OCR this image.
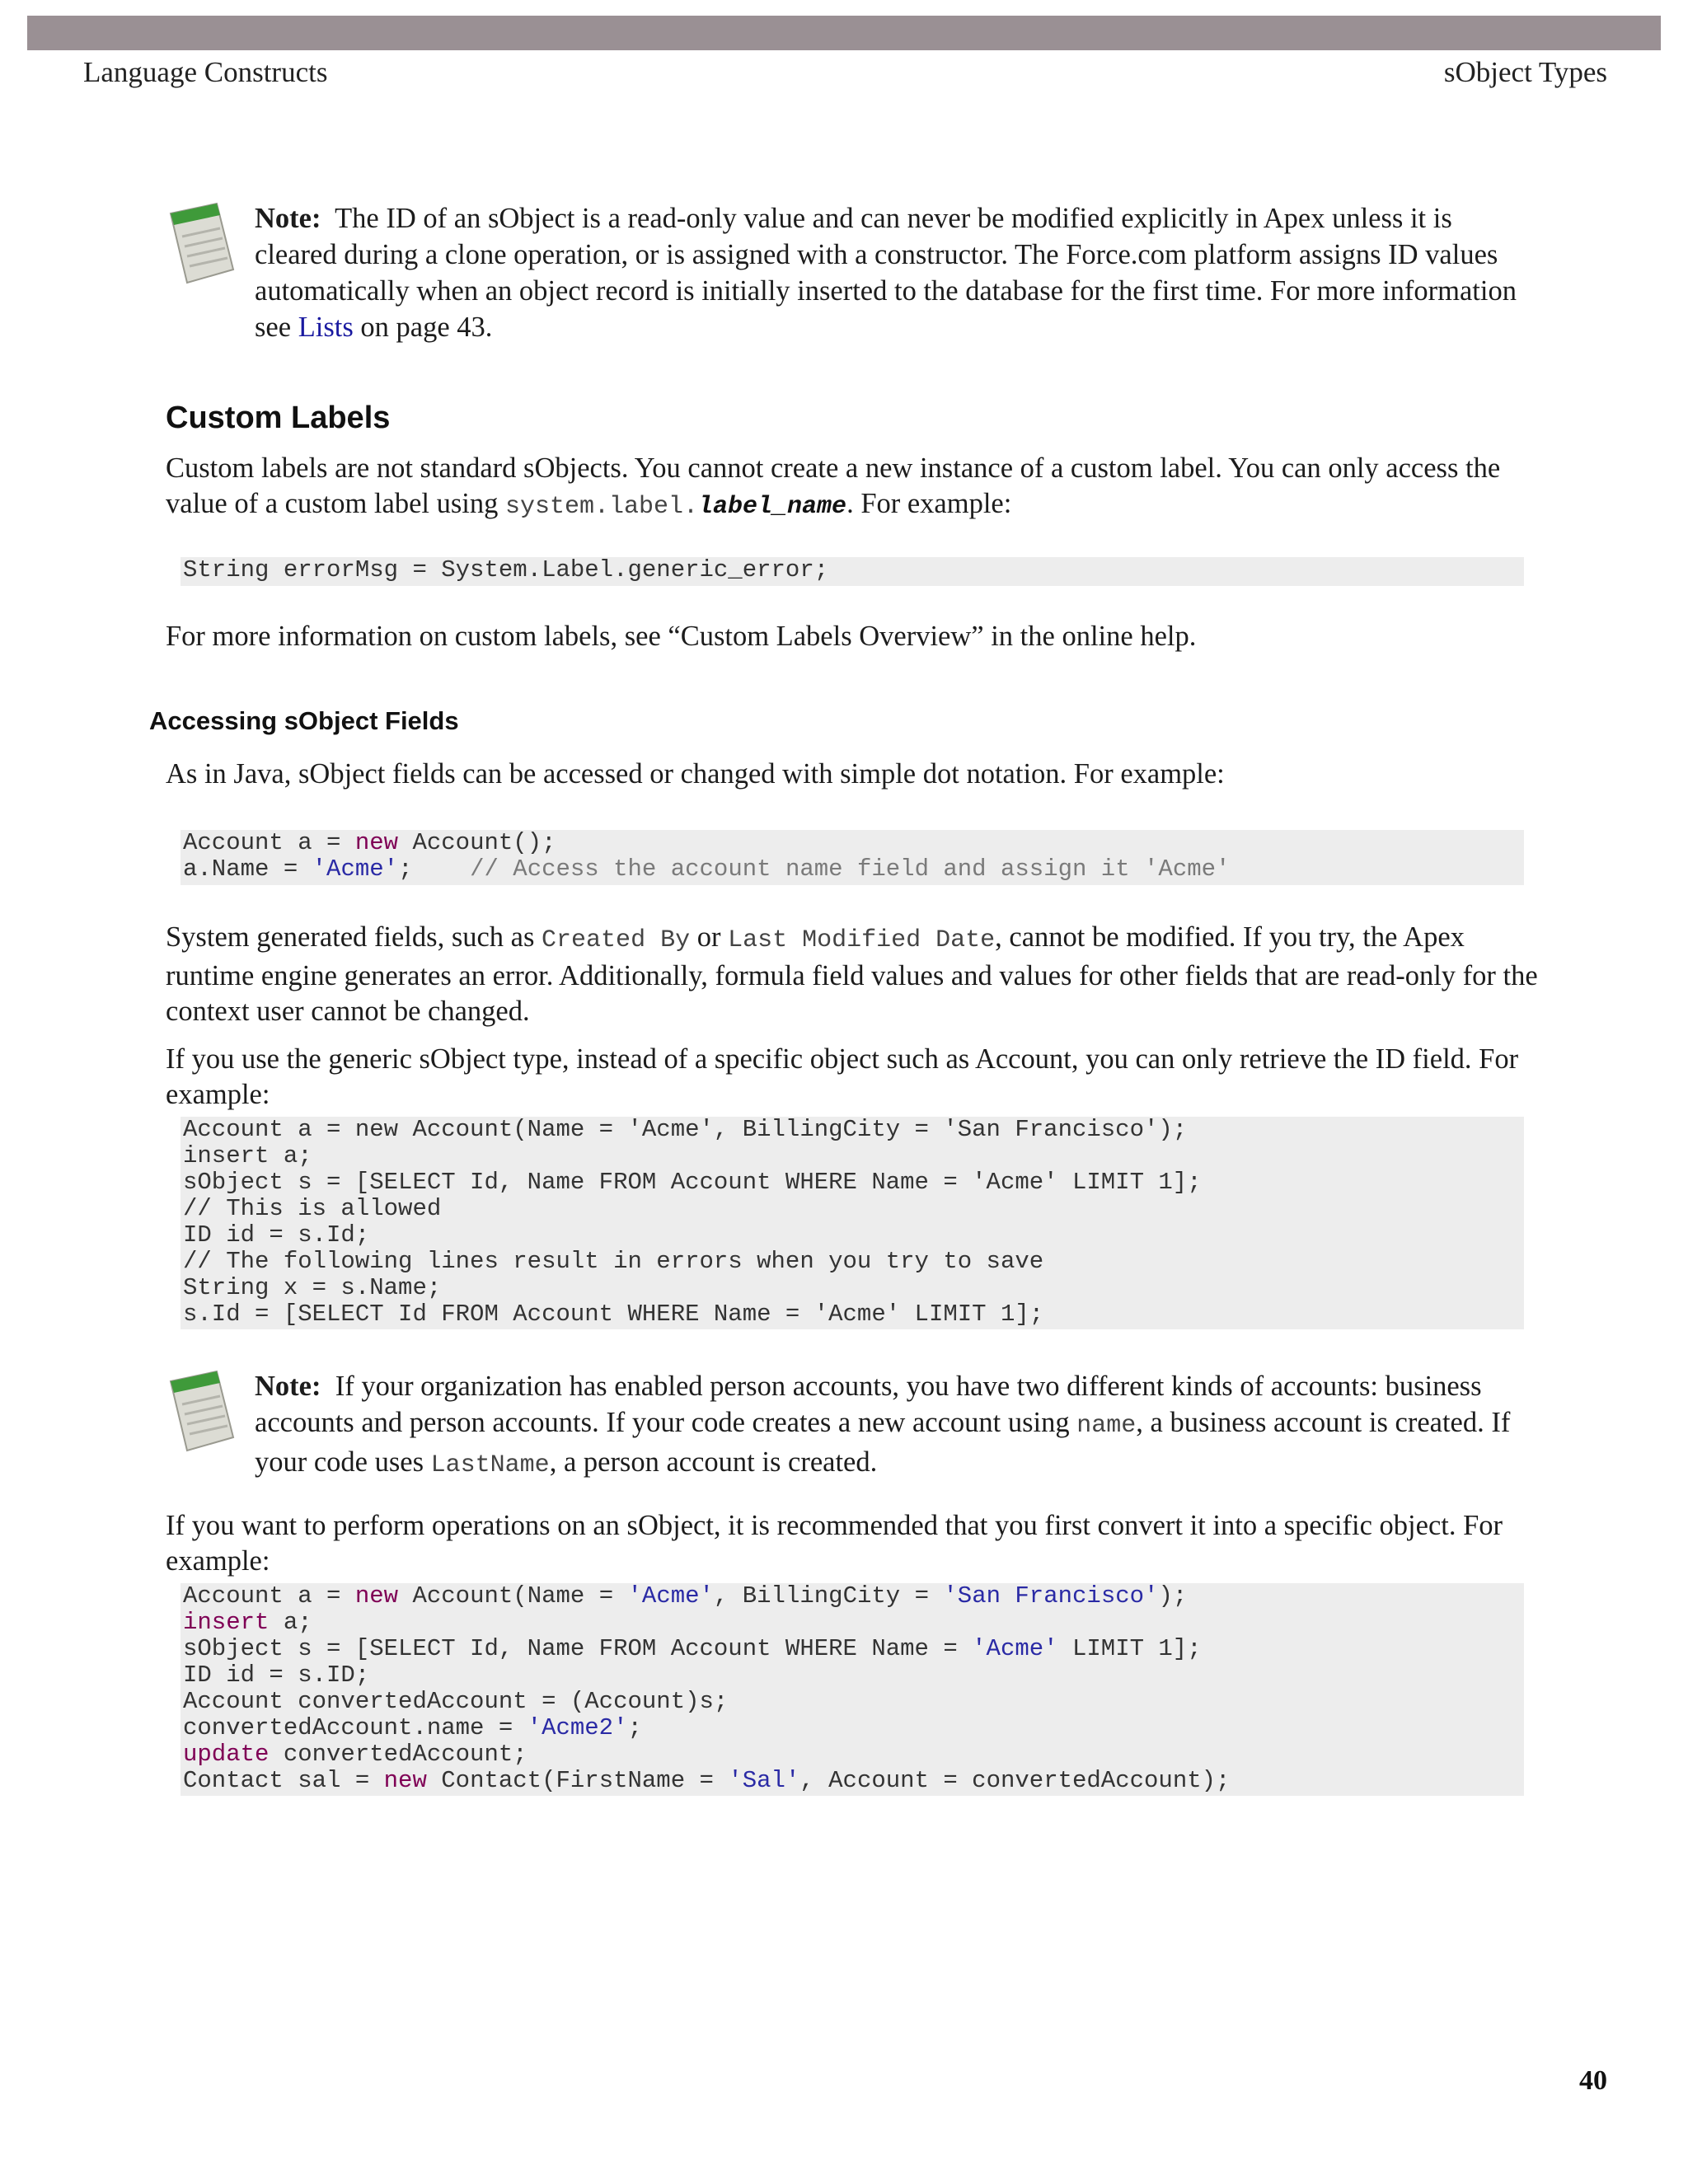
Language Constructs	sObject Types

Note: The ID of an sObject is a read-only value and can never be modified explicitly in Apex unless it is cleared during a clone operation, or is assigned with a constructor. The Force.com platform assigns ID values automatically when an object record is initially inserted to the database for the first time. For more information see Lists on page 43.

Custom Labels

Custom labels are not standard sObjects. You cannot create a new instance of a custom label. You can only access the value of a custom label using system.label.label_name. For example:

String errorMsg = System.Label.generic_error;

For more information on custom labels, see “Custom Labels Overview” in the online help.

Accessing sObject Fields

As in Java, sObject fields can be accessed or changed with simple dot notation. For example:

Account a = new Account();
a.Name = 'Acme';    // Access the account name field and assign it 'Acme'

System generated fields, such as Created By or Last Modified Date, cannot be modified. If you try, the Apex runtime engine generates an error. Additionally, formula field values and values for other fields that are read-only for the context user cannot be changed.

If you use the generic sObject type, instead of a specific object such as Account, you can only retrieve the ID field. For example:

Account a = new Account(Name = 'Acme', BillingCity = 'San Francisco');
insert a;
sObject s = [SELECT Id, Name FROM Account WHERE Name = 'Acme' LIMIT 1];
// This is allowed
ID id = s.Id;
// The following lines result in errors when you try to save
String x = s.Name;
s.Id = [SELECT Id FROM Account WHERE Name = 'Acme' LIMIT 1];

Note: If your organization has enabled person accounts, you have two different kinds of accounts: business accounts and person accounts. If your code creates a new account using name, a business account is created. If your code uses LastName, a person account is created.

If you want to perform operations on an sObject, it is recommended that you first convert it into a specific object. For example:

Account a = new Account(Name = 'Acme', BillingCity = 'San Francisco');
insert a;
sObject s = [SELECT Id, Name FROM Account WHERE Name = 'Acme' LIMIT 1];
ID id = s.ID;
Account convertedAccount = (Account)s;
convertedAccount.name = 'Acme2';
update convertedAccount;
Contact sal = new Contact(FirstName = 'Sal', Account = convertedAccount);
40
